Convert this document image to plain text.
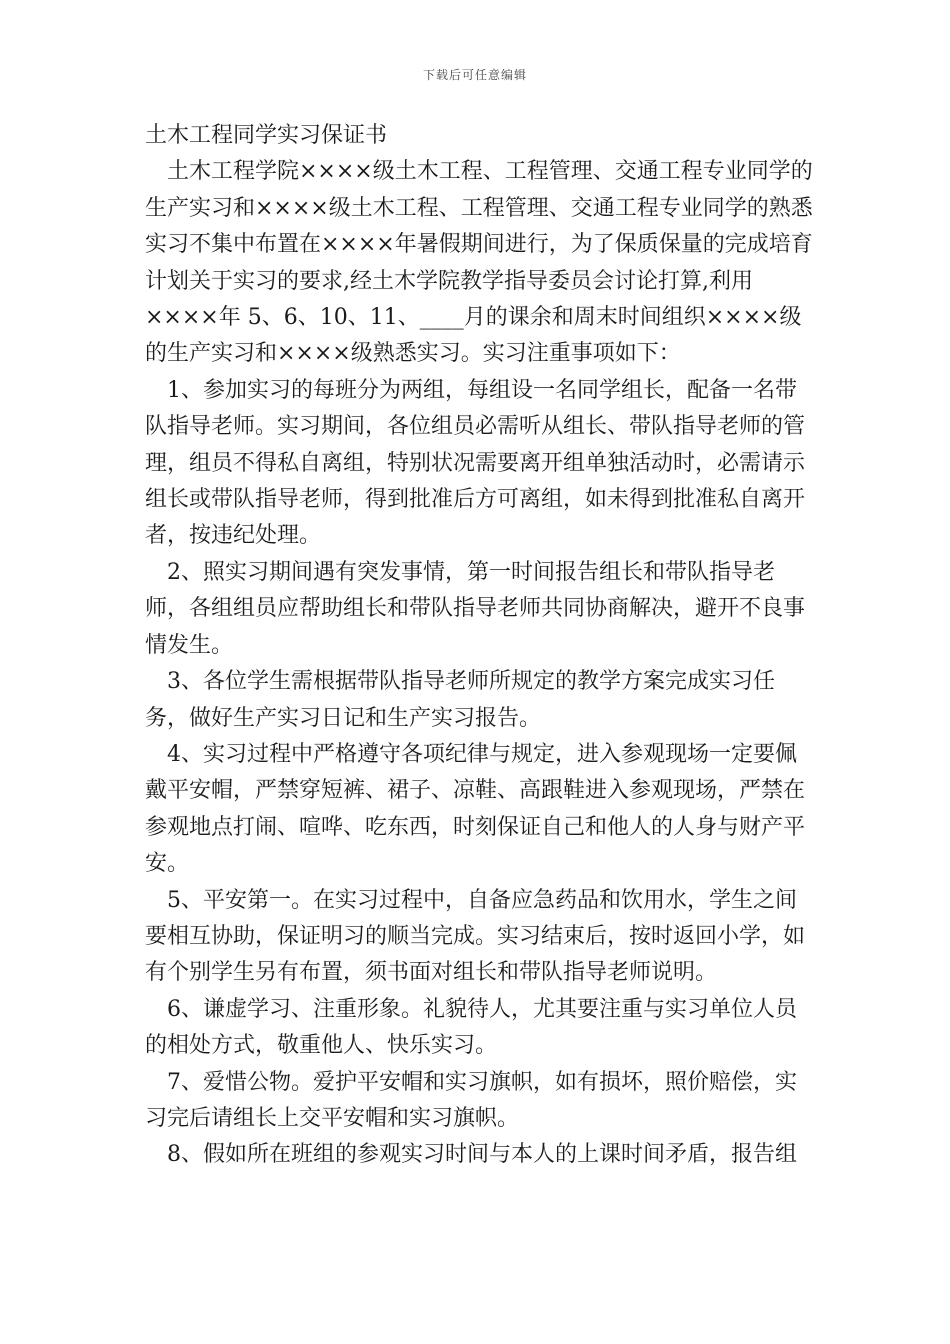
下载后可任意编辑

土木工程同学实习保证书

土木工程学院××××级土木工程、工程管理、交通工程专业同学的生产实习和××××级土木工程、工程管理、交通工程专业同学的熟悉实习不集中布置在××××年暑假期间进行，为了保质保量的完成培育计划关于实习的要求,经土木学院教学指导委员会讨论打算,利用××××年 5、6、10、11、____月的课余和周末时间组织××××级的生产实习和××××级熟悉实习。实习注重事项如下：

1、参加实习的每班分为两组，每组设一名同学组长，配备一名带队指导老师。实习期间，各位组员必需听从组长、带队指导老师的管理，组员不得私自离组，特别状况需要离开组单独活动时，必需请示组长或带队指导老师，得到批准后方可离组，如未得到批准私自离开者，按违纪处理。

2、照实习期间遇有突发事情，第一时间报告组长和带队指导老师，各组组员应帮助组长和带队指导老师共同协商解决，避开不良事情发生。

3、各位学生需根据带队指导老师所规定的教学方案完成实习任务，做好生产实习日记和生产实习报告。

4、实习过程中严格遵守各项纪律与规定，进入参观现场一定要佩戴平安帽，严禁穿短裤、裙子、凉鞋、高跟鞋进入参观现场，严禁在参观地点打闹、喧哗、吃东西，时刻保证自己和他人的人身与财产平安。

5、平安第一。在实习过程中，自备应急药品和饮用水，学生之间要相互协助，保证明习的顺当完成。实习结束后，按时返回小学，如有个别学生另有布置，须书面对组长和带队指导老师说明。

6、谦虚学习、注重形象。礼貌待人，尤其要注重与实习单位人员的相处方式，敬重他人、快乐实习。

7、爱惜公物。爱护平安帽和实习旗帜，如有损坏，照价赔偿，实习完后请组长上交平安帽和实习旗帜。

8、假如所在班组的参观实习时间与本人的上课时间矛盾，报告组
